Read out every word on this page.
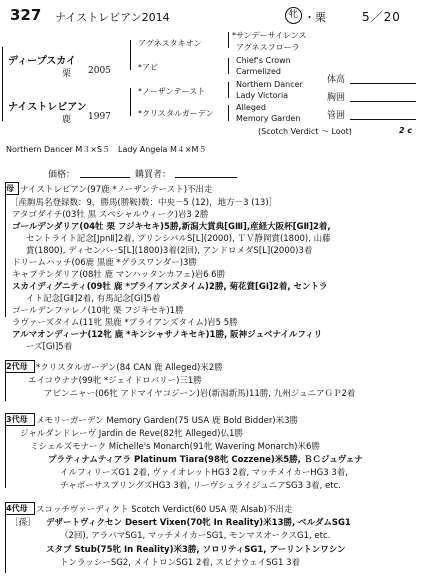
327 ナイストレビアン2014	牝 ・栗	5／20
ディープスカイ
栗 2005
アグネスタキオン
*アビ
*サンデーサイレンス
アグネスフローラ
Chief's Crown
Carmelized
ナイストレビアン
鹿 1997
*ノーザンテースト
*クリスタルガーデン
Northern Dancer
Lady Victoria
Alleged
Memory Garden
体高
胸囲
管囲
(Scotch Verdict ～ Loot)	2 c
Northern Dancer M３×S５　Lady Angela M４×M５
価格：	購買者：
母 ナイストレビアン(97鹿 *ノーザンテースト)不出走
［産駒馬名登録数：9，勝馬(勝鞍)数：中央－5 (12)，地方－3 (13)］
アタゴダイチ(03牡 黒 スペシャルウィーク)岩3 2勝
ゴールデンダリア(04牡 栗 フジキセキ)5勝,新潟大賞典[GⅢ],産経大阪杯[GⅡ]2着,
セントライト記念[JpnⅡ]2着, プリンシパルS[L](2000), ＴＶ静岡賞(1800), 山藤
賞(1800), ディセンバーS[L](1800)3着(2回), アンドロメダS[L](2000)3着
ドリームハッチ(06鹿 黒鹿 *グラスワンダー)3勝
キャプテンダリア(08牡 鹿 マンハッタンカフェ)岩6 6勝
スカイディグニティ(09牡 鹿 *ブライアンズタイム)2勝, 菊花賞[GⅠ]2着, セントラ
イト記念[GⅡ]2着, 有馬記念[GⅠ]5着
ゴールデンファレノ(10牝 栗 フジキセキ)1勝
ラヴァーズタイム(11牝 黒鹿 *ブライアンズタイム)岩5 5勝
アルマオンディーナ(12牝 鹿 *キンシャサノキセキ)1勝, 阪神ジュベナイルフィリ
ーズ[GⅠ]5着
2代母 *クリスタルガーデン(84 CAN 鹿 Alleged)米2勝
エイコウナナ(99牝 *ジェイドロバリー)三1勝
アビンニャー(06牝 アドマイヤコジーン)岩(新潟新馬)11勝, 九州ジュニアＧＰ2着
3代母 メモリーガーデン Memory Garden(75 USA 鹿 Bold Bidder)米3勝
ジャルダンドレーヴ Jardin de Reve(82牝 Alleged)仏1勝
ミシェルズモナーク Michelle's Monarch(91牝 Wavering Monarch)米6勝
プラティナムティアラ Platinum Tiara(98牝 Cozzene)米5勝, ＢＣジュヴェナ
イルフィリーズG1 2着, ヴァイオレットHG3 2着, マッチメイカーHG3 3着,
チャポーサスプリングズHG3 3着, リーヴシュライジュニアSG3 3着, etc.
4代母 スコッチヴァーディクト Scotch Verdict(60 USA 栗 Alsab)不出走
［孫］ デザートヴィクセン Desert Vixen(70牝 In Reality)米13勝, ベルダムSG1
（2回), アラバマSG1, マッチメイカーSG1, モンマスオークスG1, etc.
スタブ Stub(75牝 In Reality)米3勝, ソロリティSG1, アーリントンワシン
トンラッシーSG2, メイトロンSG1 2着, スピナウェイSG1 3着
